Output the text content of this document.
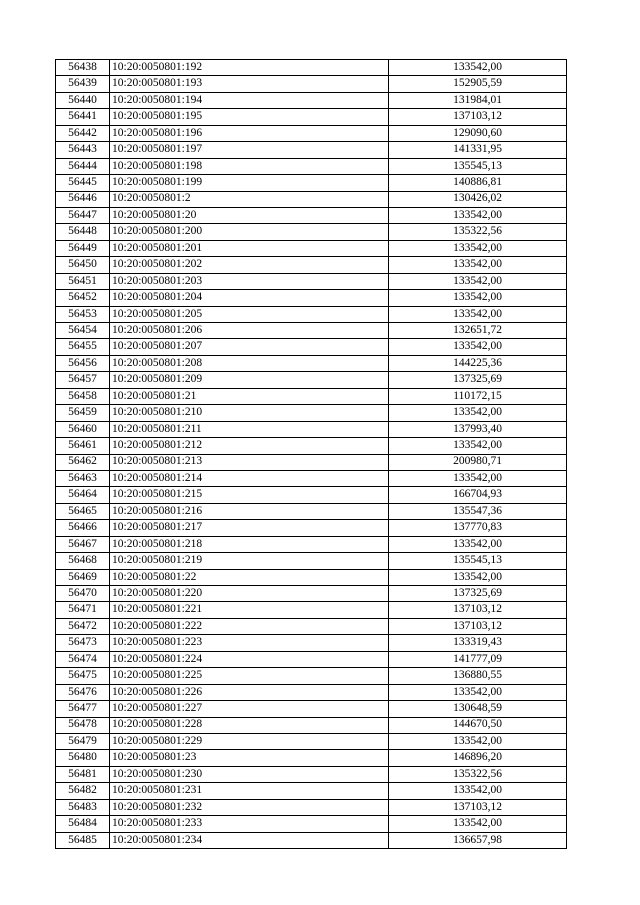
56438	10:20:0050801:192	133542,00
56439	10:20:0050801:193	152905,59
56440	10:20:0050801:194	131984,01
56441	10:20:0050801:195	137103,12
56442	10:20:0050801:196	129090,60
56443	10:20:0050801:197	141331,95
56444	10:20:0050801:198	135545,13
56445	10:20:0050801:199	140886,81
56446	10:20:0050801:2	130426,02
56447	10:20:0050801:20	133542,00
56448	10:20:0050801:200	135322,56
56449	10:20:0050801:201	133542,00
56450	10:20:0050801:202	133542,00
56451	10:20:0050801:203	133542,00
56452	10:20:0050801:204	133542,00
56453	10:20:0050801:205	133542,00
56454	10:20:0050801:206	132651,72
56455	10:20:0050801:207	133542,00
56456	10:20:0050801:208	144225,36
56457	10:20:0050801:209	137325,69
56458	10:20:0050801:21	110172,15
56459	10:20:0050801:210	133542,00
56460	10:20:0050801:211	137993,40
56461	10:20:0050801:212	133542,00
56462	10:20:0050801:213	200980,71
56463	10:20:0050801:214	133542,00
56464	10:20:0050801:215	166704,93
56465	10:20:0050801:216	135547,36
56466	10:20:0050801:217	137770,83
56467	10:20:0050801:218	133542,00
56468	10:20:0050801:219	135545,13
56469	10:20:0050801:22	133542,00
56470	10:20:0050801:220	137325,69
56471	10:20:0050801:221	137103,12
56472	10:20:0050801:222	137103,12
56473	10:20:0050801:223	133319,43
56474	10:20:0050801:224	141777,09
56475	10:20:0050801:225	136880,55
56476	10:20:0050801:226	133542,00
56477	10:20:0050801:227	130648,59
56478	10:20:0050801:228	144670,50
56479	10:20:0050801:229	133542,00
56480	10:20:0050801:23	146896,20
56481	10:20:0050801:230	135322,56
56482	10:20:0050801:231	133542,00
56483	10:20:0050801:232	137103,12
56484	10:20:0050801:233	133542,00
56485	10:20:0050801:234	136657,98
